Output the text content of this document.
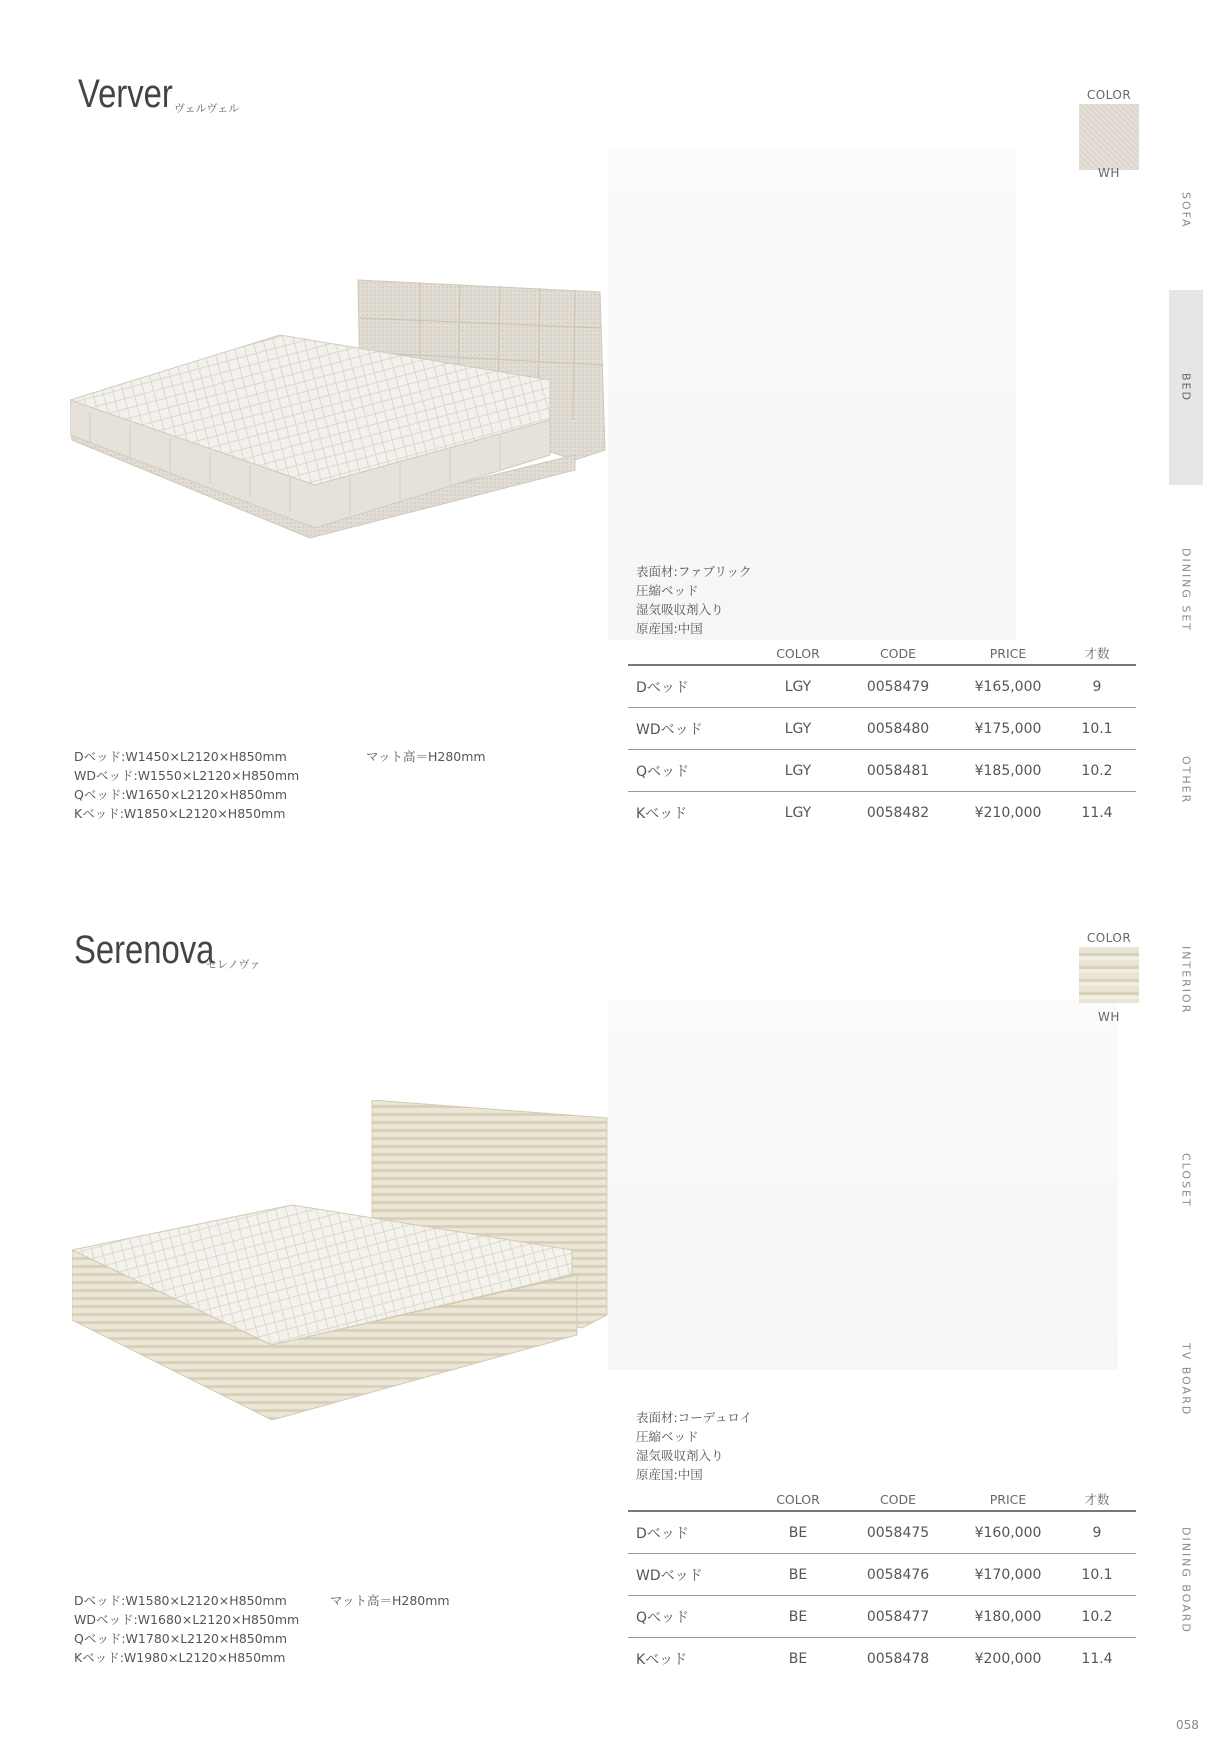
Verver ヴェルヴェル
COLOR
WH
表面材:ファブリック
圧縮ベッド
湿気吸収剤入り
原産国:中国
	COLOR	CODE	PRICE	才数
Dベッド	LGY	0058479	¥165,000	9
WDベッド	LGY	0058480	¥175,000	10.1
Qベッド	LGY	0058481	¥185,000	10.2
Kベッド	LGY	0058482	¥210,000	11.4
Dベッド:W1450×L2120×H850mm
WDベッド:W1550×L2120×H850mm
Qベッド:W1650×L2120×H850mm
Kベッド:W1850×L2120×H850mm
マット高＝H280mm
Serenova
セレノヴァ
COLOR
WH
表面材:コーデュロイ
圧縮ベッド
湿気吸収剤入り
原産国:中国
	COLOR	CODE	PRICE	才数
Dベッド	BE	0058475	¥160,000	9
WDベッド	BE	0058476	¥170,000	10.1
Qベッド	BE	0058477	¥180,000	10.2
Kベッド	BE	0058478	¥200,000	11.4
Dベッド:W1580×L2120×H850mm
WDベッド:W1680×L2120×H850mm
Qベッド:W1780×L2120×H850mm
Kベッド:W1980×L2120×H850mm
マット高＝H280mm
SOFA
BED
DINING SET
OTHER
INTERIOR
CLOSET
TV BOARD
DINING BOARD
058
